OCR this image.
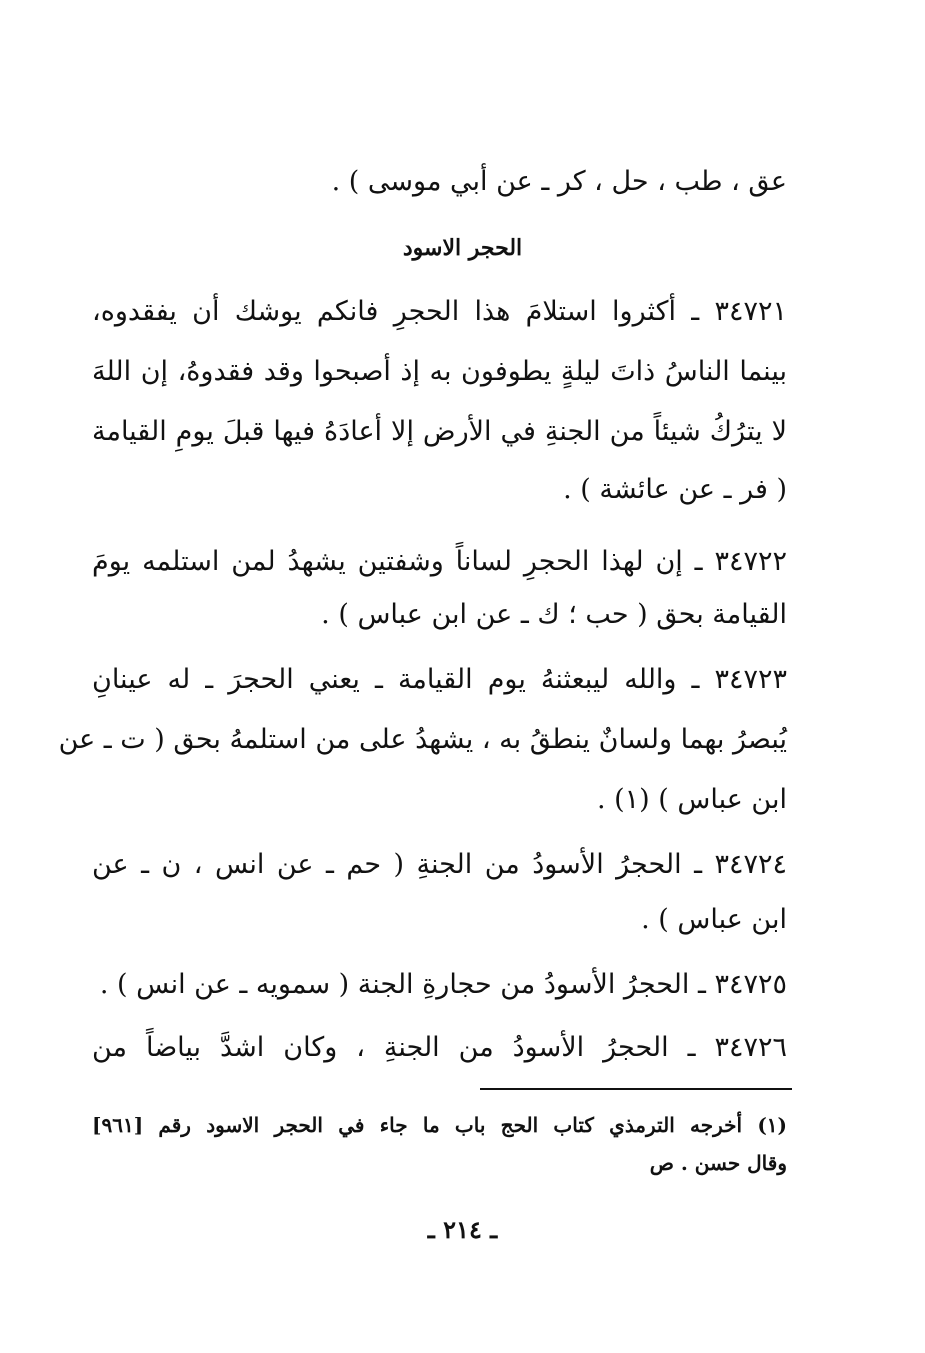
عق ، طب ، حل ، كر ـ عن أبي موسى ) .
الحجر الاسود
٣٤٧٢١ ـ أكثروا استلامَ هذا الحجرِ فانكم يوشك أن يفقدوه،
بينما الناسُ ذاتَ ليلةٍ يطوفون به إذ أصبحوا وقد فقدوهُ، إن اللهَ
لا يترُكُ شيئاً من الجنةِ في الأرض إلا أعادَهُ فيها قبلَ يومِ القيامة
( فر ـ عن عائشة ) .
٣٤٧٢٢ ـ إن لهذا الحجرِ لساناً وشفتين يشهدُ لمن استلمه يومَ
القيامة بحق ( حب ؛ ك ـ عن ابن عباس ) .
٣٤٧٢٣ ـ والله ليبعثنهُ يوم القيامة ـ يعني الحجرَ ـ له عينانِ
يُبصرُ بهما ولسانٌ ينطقُ به ، يشهدُ على من استلمهُ بحق ( ت ـ عن
ابن عباس ) (١) .
٣٤٧٢٤ ـ الحجرُ الأسودُ من الجنةِ ( حم ـ عن انس ، ن ـ عن
ابن عباس ) .
٣٤٧٢٥ ـ الحجرُ الأسودُ من حجارةِ الجنة ( سمويه ـ عن انس ) .
٣٤٧٢٦ ـ الحجرُ الأسودُ من الجنةِ ، وكان اشدَّ بياضاً من
(١) أخرجه الترمذي كتاب الحج باب ما جاء في الحجر الاسود رقم [٩٦١]
وقال حسن . ص
ـ ٢١٤ ـ
